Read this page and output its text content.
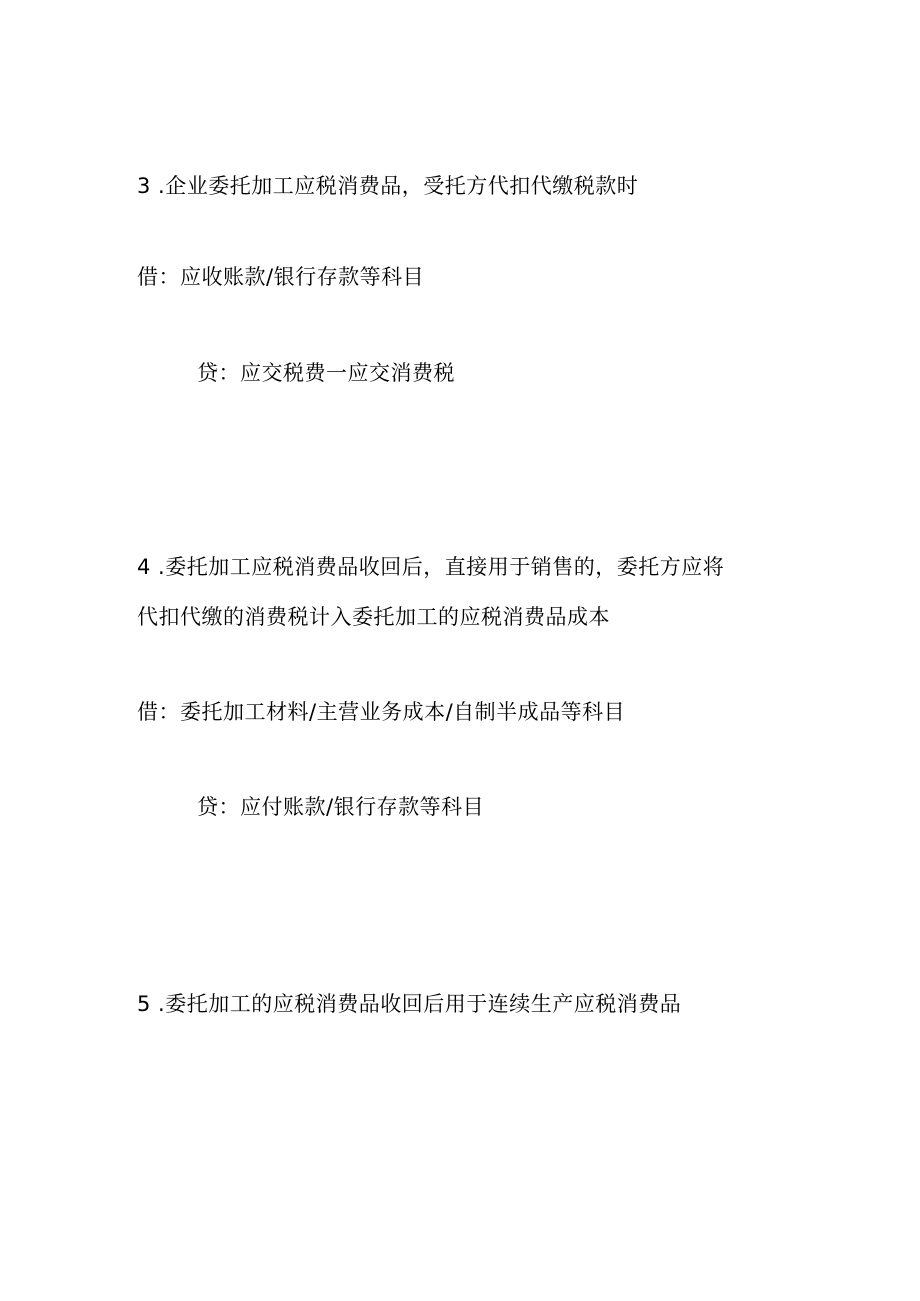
3 .企业委托加工应税消费品，受托方代扣代缴税款时
借：应收账款/银行存款等科目
贷：应交税费一应交消费税
4 .委托加工应税消费品收回后，直接用于销售的，委托方应将
代扣代缴的消费税计入委托加工的应税消费品成本
借：委托加工材料/主营业务成本/自制半成品等科目
贷：应付账款/银行存款等科目
5 .委托加工的应税消费品收回后用于连续生产应税消费品
